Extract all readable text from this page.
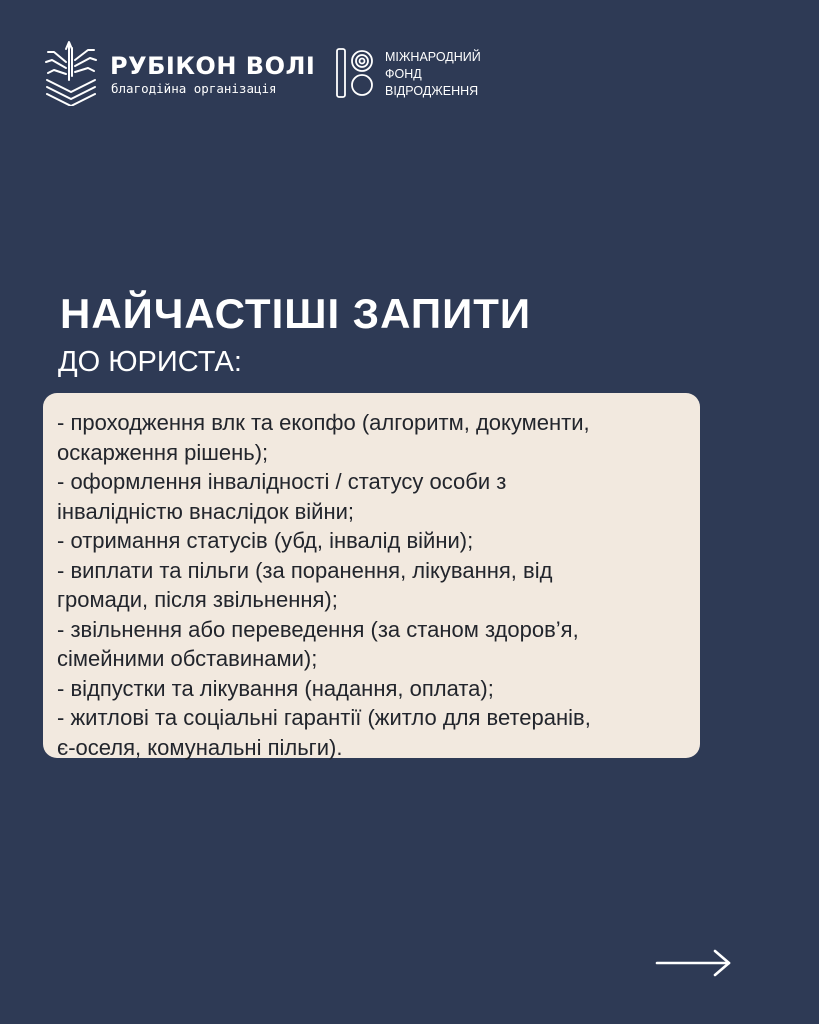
РУБІКОН ВОЛІ
благодійна організація
МІЖНАРОДНИЙ
ФОНД
ВІДРОДЖЕННЯ
НАЙЧАСТІШІ ЗАПИТИ
ДО ЮРИСТА:
- проходження влк та екопфо (алгоритм, документи,
оскарження рішень);
- оформлення інвалідності / статусу особи з
інвалідністю внаслідок війни;
- отримання статусів (убд, інвалід війни);
- виплати та пільги (за поранення, лікування, від
громади, після звільнення);
- звільнення або переведення (за станом здоров’я,
сімейними обставинами);
- відпустки та лікування (надання, оплата);
- житлові та соціальні гарантії (житло для ветеранів,
є-оселя, комунальні пільги).
